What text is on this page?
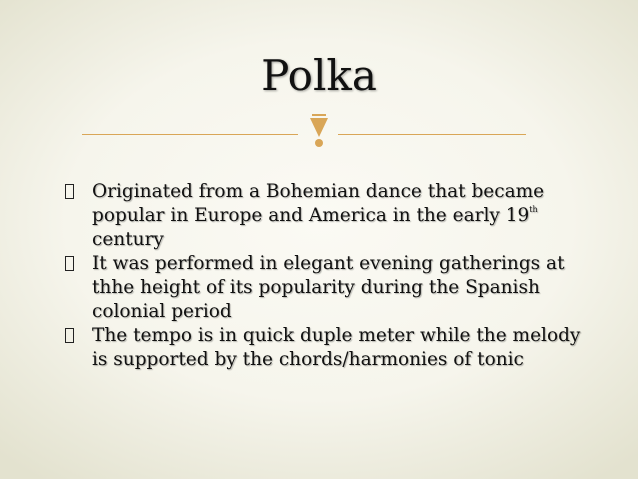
Polka
Originated from a Bohemian dance that became popular in Europe and America in the early 19th century
It was performed in elegant evening gatherings at thhe height of its popularity during the Spanish colonial period
The tempo is in quick duple meter while the melody is supported by the chords/harmonies of tonic
